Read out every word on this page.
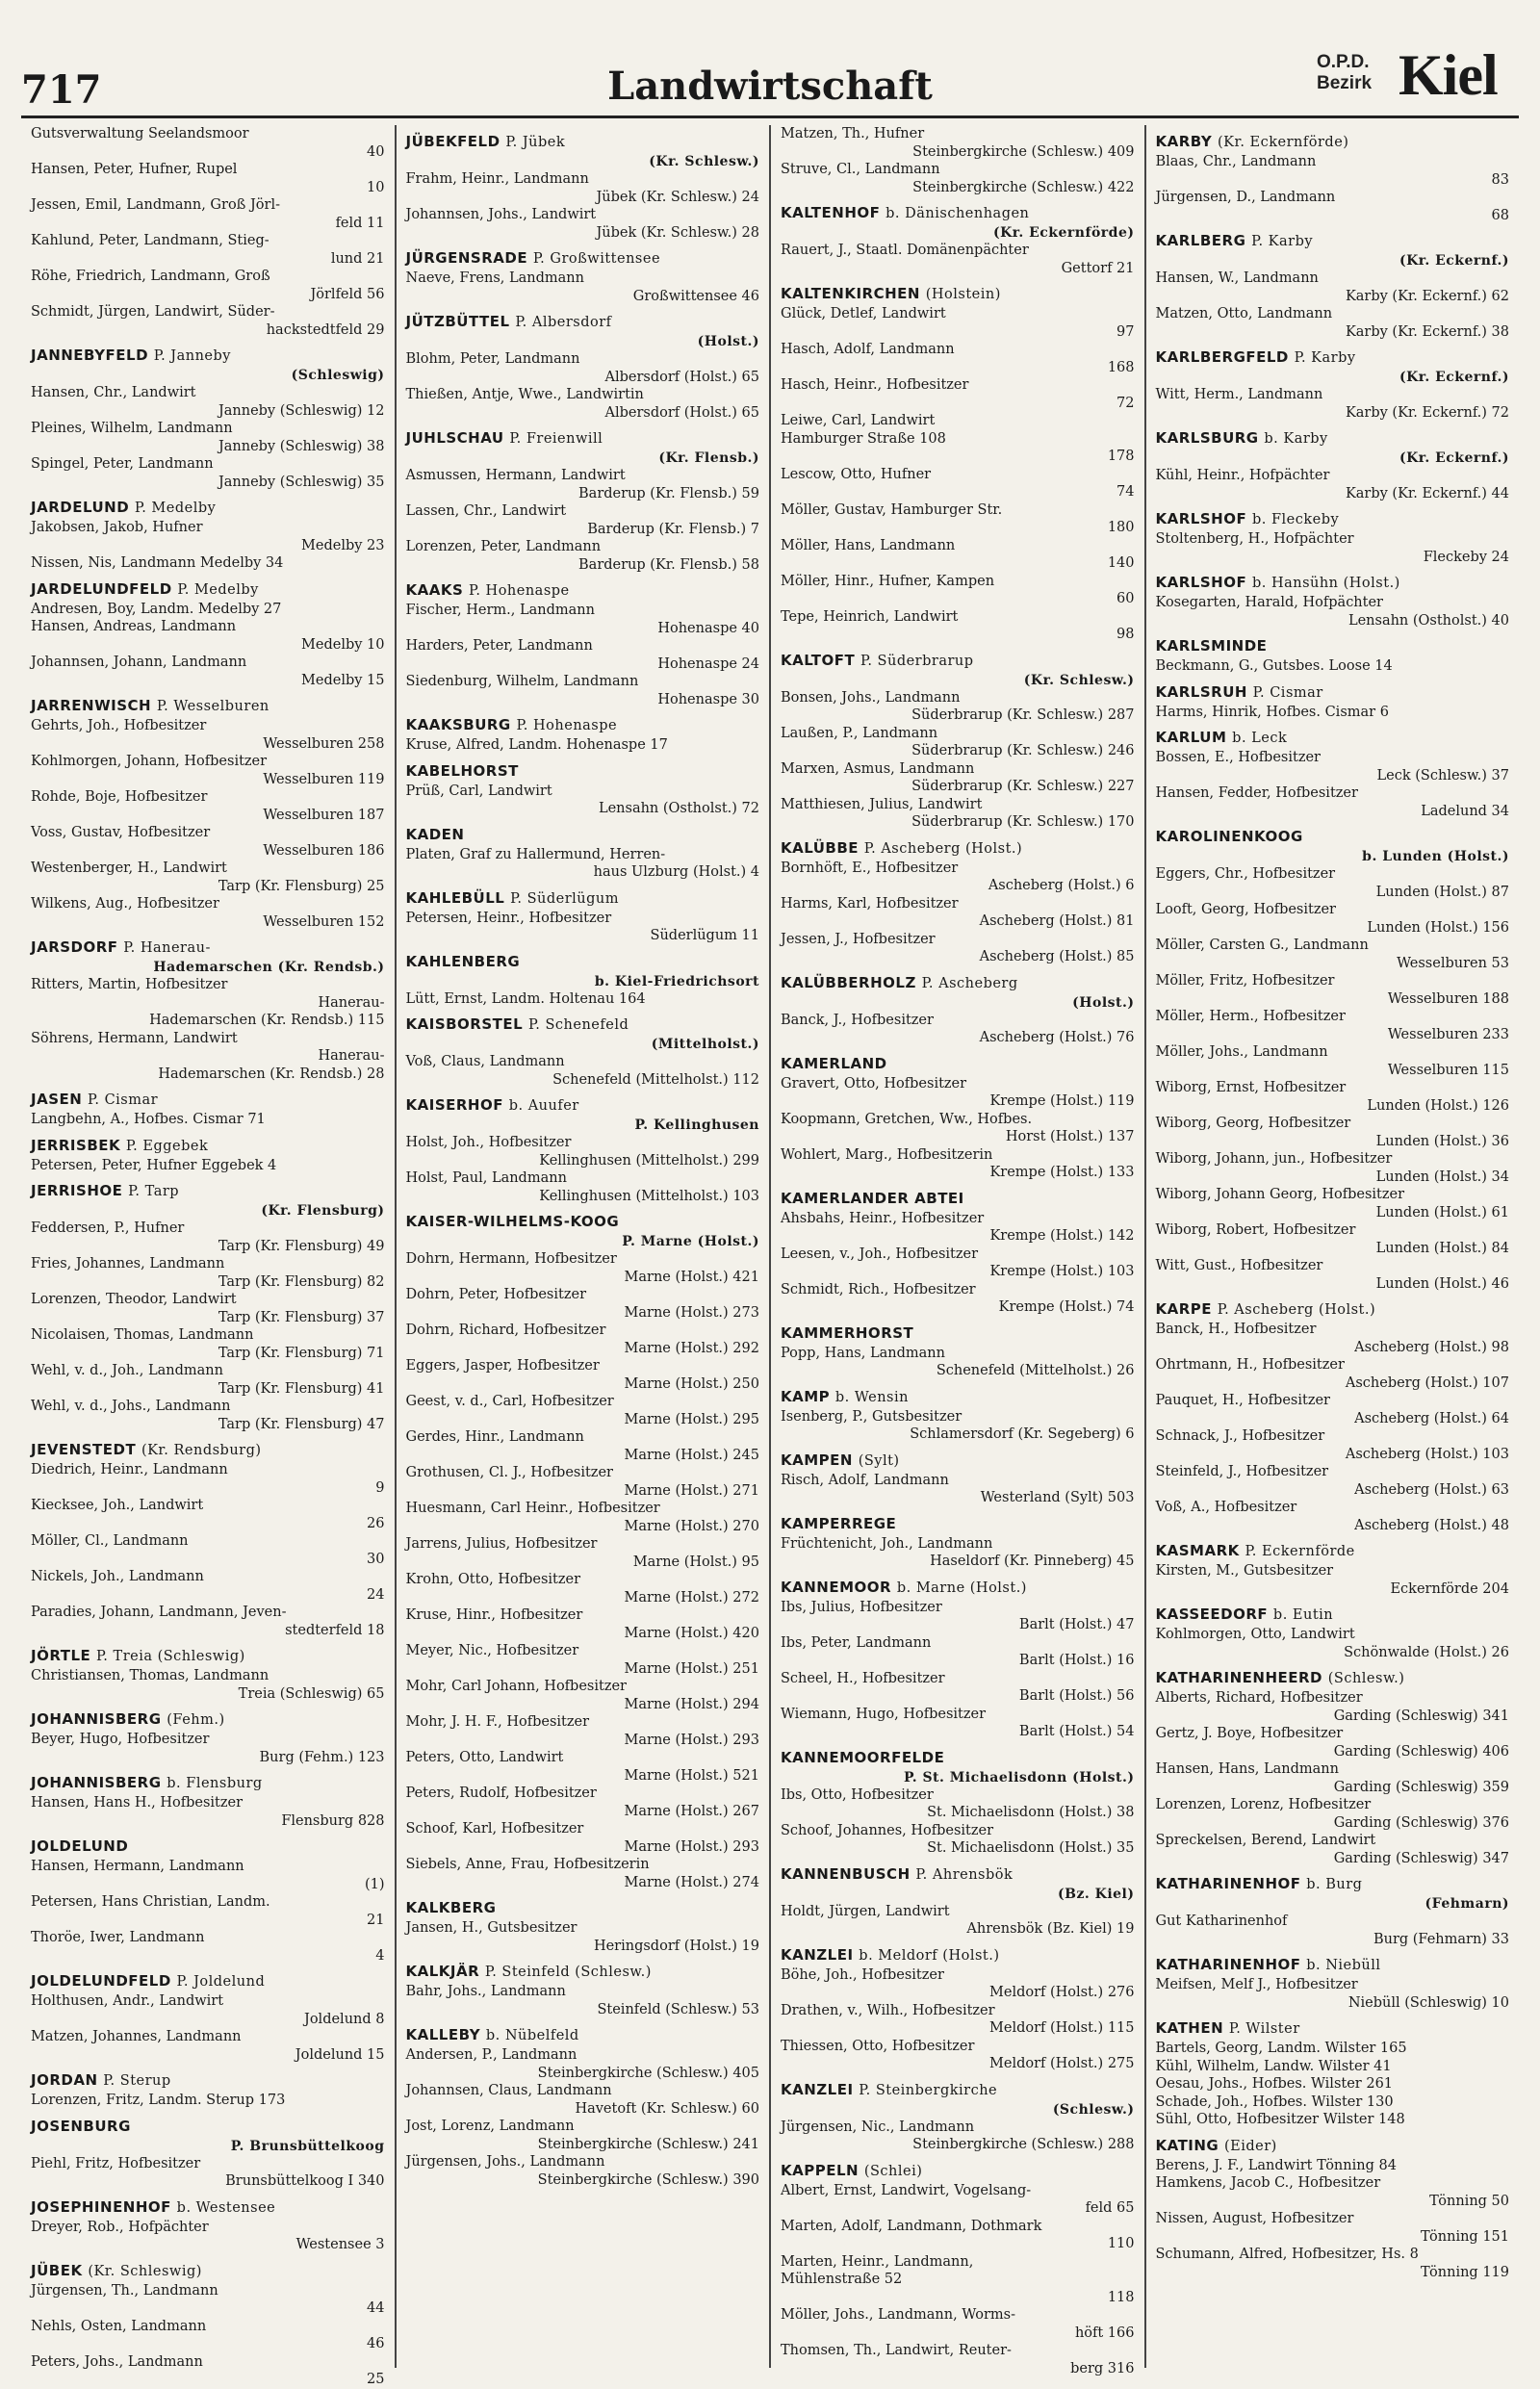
717	Landwirtschaft
O.P.D.
Bezirk Kiel
Gutsverwaltung Seelandsmoor
40
Hansen, Peter, Hufner, Rupel
10
Jessen, Emil, Landmann, Groß Jörl-
feld 11
Kahlund, Peter, Landmann, Stieg-
lund 21
Röhe, Friedrich, Landmann, Groß
Jörlfeld 56
Schmidt, Jürgen, Landwirt, Süder-
hackstedtfeld 29
JANNEBYFELD P. Janneby
(Schleswig)
Hansen, Chr., Landwirt
Janneby (Schleswig) 12
Pleines, Wilhelm, Landmann
Janneby (Schleswig) 38
Spingel, Peter, Landmann
Janneby (Schleswig) 35
JARDELUND P. Medelby
Jakobsen, Jakob, Hufner
Medelby 23
Nissen, Nis, Landmann Medelby 34
JARDELUNDFELD P. Medelby
Andresen, Boy, Landm. Medelby 27
Hansen, Andreas, Landmann
Medelby 10
Johannsen, Johann, Landmann
Medelby 15
JARRENWISCH P. Wesselburen
Gehrts, Joh., Hofbesitzer
Wesselburen 258
Kohlmorgen, Johann, Hofbesitzer
Wesselburen 119
Rohde, Boje, Hofbesitzer
Wesselburen 187
Voss, Gustav, Hofbesitzer
Wesselburen 186
Westenberger, H., Landwirt
Tarp (Kr. Flensburg) 25
Wilkens, Aug., Hofbesitzer
Wesselburen 152
JARSDORF P. Hanerau-
Hademarschen (Kr. Rendsb.)
Ritters, Martin, Hofbesitzer
Hanerau-
Hademarschen (Kr. Rendsb.) 115
Söhrens, Hermann, Landwirt
Hanerau-
Hademarschen (Kr. Rendsb.) 28
JASEN P. Cismar
Langbehn, A., Hofbes. Cismar 71
JERRISBEK P. Eggebek
Petersen, Peter, Hufner Eggebek 4
JERRISHOE P. Tarp
(Kr. Flensburg)
Feddersen, P., Hufner
Tarp (Kr. Flensburg) 49
Fries, Johannes, Landmann
Tarp (Kr. Flensburg) 82
Lorenzen, Theodor, Landwirt
Tarp (Kr. Flensburg) 37
Nicolaisen, Thomas, Landmann
Tarp (Kr. Flensburg) 71
Wehl, v. d., Joh., Landmann
Tarp (Kr. Flensburg) 41
Wehl, v. d., Johs., Landmann
Tarp (Kr. Flensburg) 47
JEVENSTEDT (Kr. Rendsburg)
Diedrich, Heinr., Landmann
9
Kiecksee, Joh., Landwirt
26
Möller, Cl., Landmann
30
Nickels, Joh., Landmann
24
Paradies, Johann, Landmann, Jeven-
stedterfeld 18
JÖRTLE P. Treia (Schleswig)
Christiansen, Thomas, Landmann
Treia (Schleswig) 65
JOHANNISBERG (Fehm.)
Beyer, Hugo, Hofbesitzer
Burg (Fehm.) 123
JOHANNISBERG b. Flensburg
Hansen, Hans H., Hofbesitzer
Flensburg 828
JOLDELUND
Hansen, Hermann, Landmann
(1)
Petersen, Hans Christian, Landm.
21
Thoröe, Iwer, Landmann
4
JOLDELUNDFELD P. Joldelund
Holthusen, Andr., Landwirt
Joldelund 8
Matzen, Johannes, Landmann
Joldelund 15
JORDAN P. Sterup
Lorenzen, Fritz, Landm. Sterup 173
JOSENBURG
P. Brunsbüttelkoog
Piehl, Fritz, Hofbesitzer
Brunsbüttelkoog I 340
JOSEPHINENHOF b. Westensee
Dreyer, Rob., Hofpächter
Westensee 3
JÜBEK (Kr. Schleswig)
Jürgensen, Th., Landmann
44
Nehls, Osten, Landmann
46
Peters, Johs., Landmann
25
JÜBEKFELD P. Jübek
(Kr. Schlesw.)
Frahm, Heinr., Landmann
Jübek (Kr. Schlesw.) 24
Johannsen, Johs., Landwirt
Jübek (Kr. Schlesw.) 28
JÜRGENSRADE P. Großwittensee
Naeve, Frens, Landmann
Großwittensee 46
JÜTZBÜTTEL P. Albersdorf
(Holst.)
Blohm, Peter, Landmann
Albersdorf (Holst.) 65
Thießen, Antje, Wwe., Landwirtin
Albersdorf (Holst.) 65
JUHLSCHAU P. Freienwill
(Kr. Flensb.)
Asmussen, Hermann, Landwirt
Barderup (Kr. Flensb.) 59
Lassen, Chr., Landwirt
Barderup (Kr. Flensb.) 7
Lorenzen, Peter, Landmann
Barderup (Kr. Flensb.) 58
KAAKS P. Hohenaspe
Fischer, Herm., Landmann
Hohenaspe 40
Harders, Peter, Landmann
Hohenaspe 24
Siedenburg, Wilhelm, Landmann
Hohenaspe 30
KAAKSBURG P. Hohenaspe
Kruse, Alfred, Landm. Hohenaspe 17
KABELHORST
Prüß, Carl, Landwirt
Lensahn (Ostholst.) 72
KADEN
Platen, Graf zu Hallermund, Herren-
haus Ulzburg (Holst.) 4
KAHLEBÜLL P. Süderlügum
Petersen, Heinr., Hofbesitzer
Süderlügum 11
KAHLENBERG
b. Kiel-Friedrichsort
Lütt, Ernst, Landm. Holtenau 164
KAISBORSTEL P. Schenefeld
(Mittelholst.)
Voß, Claus, Landmann
Schenefeld (Mittelholst.) 112
KAISERHOF b. Auufer
P. Kellinghusen
Holst, Joh., Hofbesitzer
Kellinghusen (Mittelholst.) 299
Holst, Paul, Landmann
Kellinghusen (Mittelholst.) 103
KAISER-WILHELMS-KOOG
P. Marne (Holst.)
Dohrn, Hermann, Hofbesitzer
Marne (Holst.) 421
Dohrn, Peter, Hofbesitzer
Marne (Holst.) 273
Dohrn, Richard, Hofbesitzer
Marne (Holst.) 292
Eggers, Jasper, Hofbesitzer
Marne (Holst.) 250
Geest, v. d., Carl, Hofbesitzer
Marne (Holst.) 295
Gerdes, Hinr., Landmann
Marne (Holst.) 245
Grothusen, Cl. J., Hofbesitzer
Marne (Holst.) 271
Huesmann, Carl Heinr., Hofbesitzer
Marne (Holst.) 270
Jarrens, Julius, Hofbesitzer
Marne (Holst.) 95
Krohn, Otto, Hofbesitzer
Marne (Holst.) 272
Kruse, Hinr., Hofbesitzer
Marne (Holst.) 420
Meyer, Nic., Hofbesitzer
Marne (Holst.) 251
Mohr, Carl Johann, Hofbesitzer
Marne (Holst.) 294
Mohr, J. H. F., Hofbesitzer
Marne (Holst.) 293
Peters, Otto, Landwirt
Marne (Holst.) 521
Peters, Rudolf, Hofbesitzer
Marne (Holst.) 267
Schoof, Karl, Hofbesitzer
Marne (Holst.) 293
Siebels, Anne, Frau, Hofbesitzerin
Marne (Holst.) 274
KALKBERG
Jansen, H., Gutsbesitzer
Heringsdorf (Holst.) 19
KALKJÄR P. Steinfeld (Schlesw.)
Bahr, Johs., Landmann
Steinfeld (Schlesw.) 53
KALLEBY b. Nübelfeld
Andersen, P., Landmann
Steinbergkirche (Schlesw.) 405
Johannsen, Claus, Landmann
Havetoft (Kr. Schlesw.) 60
Jost, Lorenz, Landmann
Steinbergkirche (Schlesw.) 241
Jürgensen, Johs., Landmann
Steinbergkirche (Schlesw.) 390
Matzen, Th., Hufner
Steinbergkirche (Schlesw.) 409
Struve, Cl., Landmann
Steinbergkirche (Schlesw.) 422
KALTENHOF b. Dänischenhagen
(Kr. Eckernförde)
Rauert, J., Staatl. Domänenpächter
Gettorf 21
KALTENKIRCHEN (Holstein)
Glück, Detlef, Landwirt
97
Hasch, Adolf, Landmann
168
Hasch, Heinr., Hofbesitzer
72
Leiwe, Carl, Landwirt
Hamburger Straße 108
178
Lescow, Otto, Hufner
74
Möller, Gustav, Hamburger Str.
180
Möller, Hans, Landmann
140
Möller, Hinr., Hufner, Kampen
60
Tepe, Heinrich, Landwirt
98
KALTOFT P. Süderbrarup
(Kr. Schlesw.)
Bonsen, Johs., Landmann
Süderbrarup (Kr. Schlesw.) 287
Laußen, P., Landmann
Süderbrarup (Kr. Schlesw.) 246
Marxen, Asmus, Landmann
Süderbrarup (Kr. Schlesw.) 227
Matthiesen, Julius, Landwirt
Süderbrarup (Kr. Schlesw.) 170
KALÜBBE P. Ascheberg (Holst.)
Bornhöft, E., Hofbesitzer
Ascheberg (Holst.) 6
Harms, Karl, Hofbesitzer
Ascheberg (Holst.) 81
Jessen, J., Hofbesitzer
Ascheberg (Holst.) 85
KALÜBBERHOLZ P. Ascheberg
(Holst.)
Banck, J., Hofbesitzer
Ascheberg (Holst.) 76
KAMERLAND
Gravert, Otto, Hofbesitzer
Krempe (Holst.) 119
Koopmann, Gretchen, Ww., Hofbes.
Horst (Holst.) 137
Wohlert, Marg., Hofbesitzerin
Krempe (Holst.) 133
KAMERLANDER ABTEI
Ahsbahs, Heinr., Hofbesitzer
Krempe (Holst.) 142
Leesen, v., Joh., Hofbesitzer
Krempe (Holst.) 103
Schmidt, Rich., Hofbesitzer
Krempe (Holst.) 74
KAMMERHORST
Popp, Hans, Landmann
Schenefeld (Mittelholst.) 26
KAMP b. Wensin
Isenberg, P., Gutsbesitzer
Schlamersdorf (Kr. Segeberg) 6
KAMPEN (Sylt)
Risch, Adolf, Landmann
Westerland (Sylt) 503
KAMPERREGE
Früchtenicht, Joh., Landmann
Haseldorf (Kr. Pinneberg) 45
KANNEMOOR b. Marne (Holst.)
Ibs, Julius, Hofbesitzer
Barlt (Holst.) 47
Ibs, Peter, Landmann
Barlt (Holst.) 16
Scheel, H., Hofbesitzer
Barlt (Holst.) 56
Wiemann, Hugo, Hofbesitzer
Barlt (Holst.) 54
KANNEMOORFELDE
P. St. Michaelisdonn (Holst.)
Ibs, Otto, Hofbesitzer
St. Michaelisdonn (Holst.) 38
Schoof, Johannes, Hofbesitzer
St. Michaelisdonn (Holst.) 35
KANNENBUSCH P. Ahrensbök
(Bz. Kiel)
Holdt, Jürgen, Landwirt
Ahrensbök (Bz. Kiel) 19
KANZLEI b. Meldorf (Holst.)
Böhe, Joh., Hofbesitzer
Meldorf (Holst.) 276
Drathen, v., Wilh., Hofbesitzer
Meldorf (Holst.) 115
Thiessen, Otto, Hofbesitzer
Meldorf (Holst.) 275
KANZLEI P. Steinbergkirche
(Schlesw.)
Jürgensen, Nic., Landmann
Steinbergkirche (Schlesw.) 288
KAPPELN (Schlei)
Albert, Ernst, Landwirt, Vogelsang-
feld 65
Marten, Adolf, Landmann, Dothmark
110
Marten, Heinr., Landmann,
Mühlenstraße 52
118
Möller, Johs., Landmann, Worms-
höft 166
Thomsen, Th., Landwirt, Reuter-
berg 316
KARBY (Kr. Eckernförde)
Blaas, Chr., Landmann
83
Jürgensen, D., Landmann
68
KARLBERG P. Karby
(Kr. Eckernf.)
Hansen, W., Landmann
Karby (Kr. Eckernf.) 62
Matzen, Otto, Landmann
Karby (Kr. Eckernf.) 38
KARLBERGFELD P. Karby
(Kr. Eckernf.)
Witt, Herm., Landmann
Karby (Kr. Eckernf.) 72
KARLSBURG b. Karby
(Kr. Eckernf.)
Kühl, Heinr., Hofpächter
Karby (Kr. Eckernf.) 44
KARLSHOF b. Fleckeby
Stoltenberg, H., Hofpächter
Fleckeby 24
KARLSHOF b. Hansühn (Holst.)
Kosegarten, Harald, Hofpächter
Lensahn (Ostholst.) 40
KARLSMINDE
Beckmann, G., Gutsbes. Loose 14
KARLSRUH P. Cismar
Harms, Hinrik, Hofbes. Cismar 6
KARLUM b. Leck
Bossen, E., Hofbesitzer
Leck (Schlesw.) 37
Hansen, Fedder, Hofbesitzer
Ladelund 34
KAROLINENKOOG
b. Lunden (Holst.)
Eggers, Chr., Hofbesitzer
Lunden (Holst.) 87
Looft, Georg, Hofbesitzer
Lunden (Holst.) 156
Möller, Carsten G., Landmann
Wesselburen 53
Möller, Fritz, Hofbesitzer
Wesselburen 188
Möller, Herm., Hofbesitzer
Wesselburen 233
Möller, Johs., Landmann
Wesselburen 115
Wiborg, Ernst, Hofbesitzer
Lunden (Holst.) 126
Wiborg, Georg, Hofbesitzer
Lunden (Holst.) 36
Wiborg, Johann, jun., Hofbesitzer
Lunden (Holst.) 34
Wiborg, Johann Georg, Hofbesitzer
Lunden (Holst.) 61
Wiborg, Robert, Hofbesitzer
Lunden (Holst.) 84
Witt, Gust., Hofbesitzer
Lunden (Holst.) 46
KARPE P. Ascheberg (Holst.)
Banck, H., Hofbesitzer
Ascheberg (Holst.) 98
Ohrtmann, H., Hofbesitzer
Ascheberg (Holst.) 107
Pauquet, H., Hofbesitzer
Ascheberg (Holst.) 64
Schnack, J., Hofbesitzer
Ascheberg (Holst.) 103
Steinfeld, J., Hofbesitzer
Ascheberg (Holst.) 63
Voß, A., Hofbesitzer
Ascheberg (Holst.) 48
KASMARK P. Eckernförde
Kirsten, M., Gutsbesitzer
Eckernförde 204
KASSEEDORF b. Eutin
Kohlmorgen, Otto, Landwirt
Schönwalde (Holst.) 26
KATHARINENHEERD (Schlesw.)
Alberts, Richard, Hofbesitzer
Garding (Schleswig) 341
Gertz, J. Boye, Hofbesitzer
Garding (Schleswig) 406
Hansen, Hans, Landmann
Garding (Schleswig) 359
Lorenzen, Lorenz, Hofbesitzer
Garding (Schleswig) 376
Spreckelsen, Berend, Landwirt
Garding (Schleswig) 347
KATHARINENHOF b. Burg
(Fehmarn)
Gut Katharinenhof
Burg (Fehmarn) 33
KATHARINENHOF b. Niebüll
Meifsen, Melf J., Hofbesitzer
Niebüll (Schleswig) 10
KATHEN P. Wilster
Bartels, Georg, Landm. Wilster 165
Kühl, Wilhelm, Landw. Wilster 41
Oesau, Johs., Hofbes. Wilster 261
Schade, Joh., Hofbes. Wilster 130
Sühl, Otto, Hofbesitzer Wilster 148
KATING (Eider)
Berens, J. F., Landwirt Tönning 84
Hamkens, Jacob C., Hofbesitzer
Tönning 50
Nissen, August, Hofbesitzer
Tönning 151
Schumann, Alfred, Hofbesitzer, Hs. 8
Tönning 119
